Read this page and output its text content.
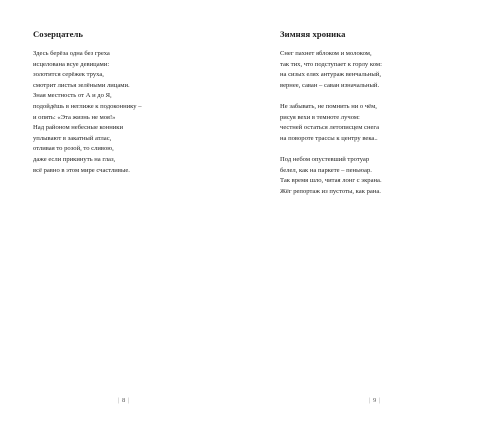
Созерцатель
Здесь берёза одна без греха
исцелована всуе девицами:
золотится серёжек труха,
смотрит листья зелёными лицами.
Зная местность от А и до Я,
подойдёшь в неглиже к подоконнику –
и опять: «Эта жизнь не моя!»
Над районом небесные конники
уплывают в закатный атлас,
отливая то розой, то сливою,
даже если прикинуть на глаз,
всё равно в этом мире счастливые.
| 8 |
Зимняя хроника
Снег пахнет яблоком и молоком,
так тих, что подступает к горлу ком:
на сизых елях антураж венчальный,
вернее, саван – саван изначальный.
Не забывать, не помнить ни о чём,
рисуя вехи в темноте лучом:
честней остаться летописцем снега
на повороте трассы к центру века..
Под небом опустевший тротуар
белел, как на паркете – пеньюар.
Так время шло, читая лонг с экрана.
Жёг репортаж из пустоты, как рана.
| 9 |
